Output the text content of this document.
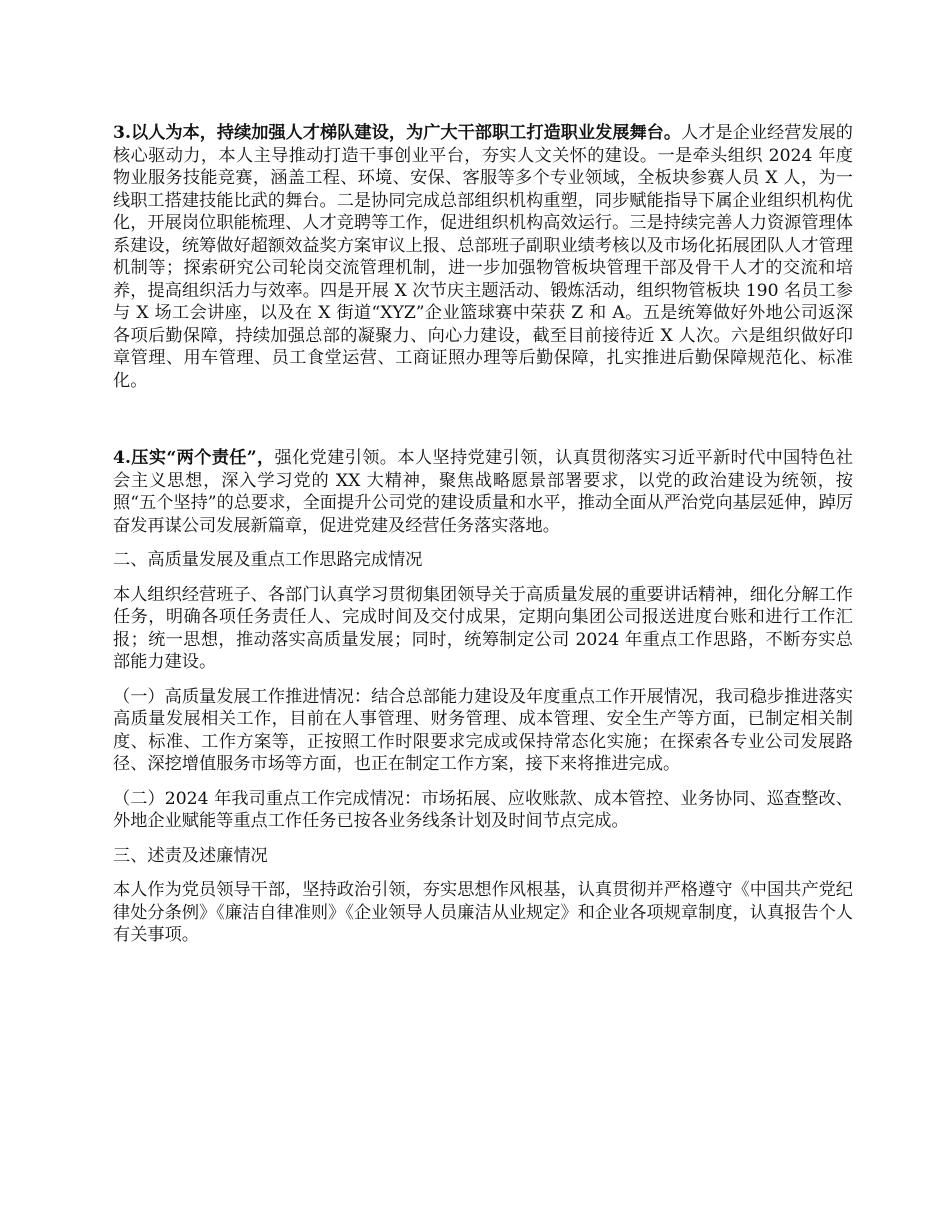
3.以人为本，持续加强人才梯队建设，为广大干部职工打造职业发展舞台。人才是企业经营发展的核心驱动力，本人主导推动打造干事创业平台，夯实人文关怀的建设。一是牵头组织 2024 年度物业服务技能竞赛，涵盖工程、环境、安保、客服等多个专业领域，全板块参赛人员 X 人，为一线职工搭建技能比武的舞台。二是协同完成总部组织机构重塑，同步赋能指导下属企业组织机构优化，开展岗位职能梳理、人才竞聘等工作，促进组织机构高效运行。三是持续完善人力资源管理体系建设，统筹做好超额效益奖方案审议上报、总部班子副职业绩考核以及市场化拓展团队人才管理机制等；探索研究公司轮岗交流管理机制，进一步加强物管板块管理干部及骨干人才的交流和培养，提高组织活力与效率。四是开展 X 次节庆主题活动、锻炼活动，组织物管板块 190 名员工参与 X 场工会讲座，以及在 X 街道“XYZ”企业篮球赛中荣获 Z 和 A。五是统筹做好外地公司返深各项后勤保障，持续加强总部的凝聚力、向心力建设，截至目前接待近 X 人次。六是组织做好印章管理、用车管理、员工食堂运营、工商证照办理等后勤保障，扎实推进后勤保障规范化、标准化。

4.压实“两个责任”，强化党建引领。本人坚持党建引领，认真贯彻落实习近平新时代中国特色社会主义思想，深入学习党的 XX 大精神，聚焦战略愿景部署要求，以党的政治建设为统领，按照“五个坚持”的总要求，全面提升公司党的建设质量和水平，推动全面从严治党向基层延伸，踔厉奋发再谋公司发展新篇章，促进党建及经营任务落实落地。

二、高质量发展及重点工作思路完成情况

本人组织经营班子、各部门认真学习贯彻集团领导关于高质量发展的重要讲话精神，细化分解工作任务，明确各项任务责任人、完成时间及交付成果，定期向集团公司报送进度台账和进行工作汇报；统一思想，推动落实高质量发展；同时，统筹制定公司 2024 年重点工作思路，不断夯实总部能力建设。

（一）高质量发展工作推进情况：结合总部能力建设及年度重点工作开展情况，我司稳步推进落实高质量发展相关工作，目前在人事管理、财务管理、成本管理、安全生产等方面，已制定相关制度、标准、工作方案等，正按照工作时限要求完成或保持常态化实施；在探索各专业公司发展路径、深挖增值服务市场等方面，也正在制定工作方案，接下来将推进完成。

（二）2024 年我司重点工作完成情况：市场拓展、应收账款、成本管控、业务协同、巡查整改、外地企业赋能等重点工作任务已按各业务线条计划及时间节点完成。

三、述责及述廉情况

本人作为党员领导干部，坚持政治引领，夯实思想作风根基，认真贯彻并严格遵守《中国共产党纪律处分条例》《廉洁自律准则》《企业领导人员廉洁从业规定》和企业各项规章制度，认真报告个人有关事项。
